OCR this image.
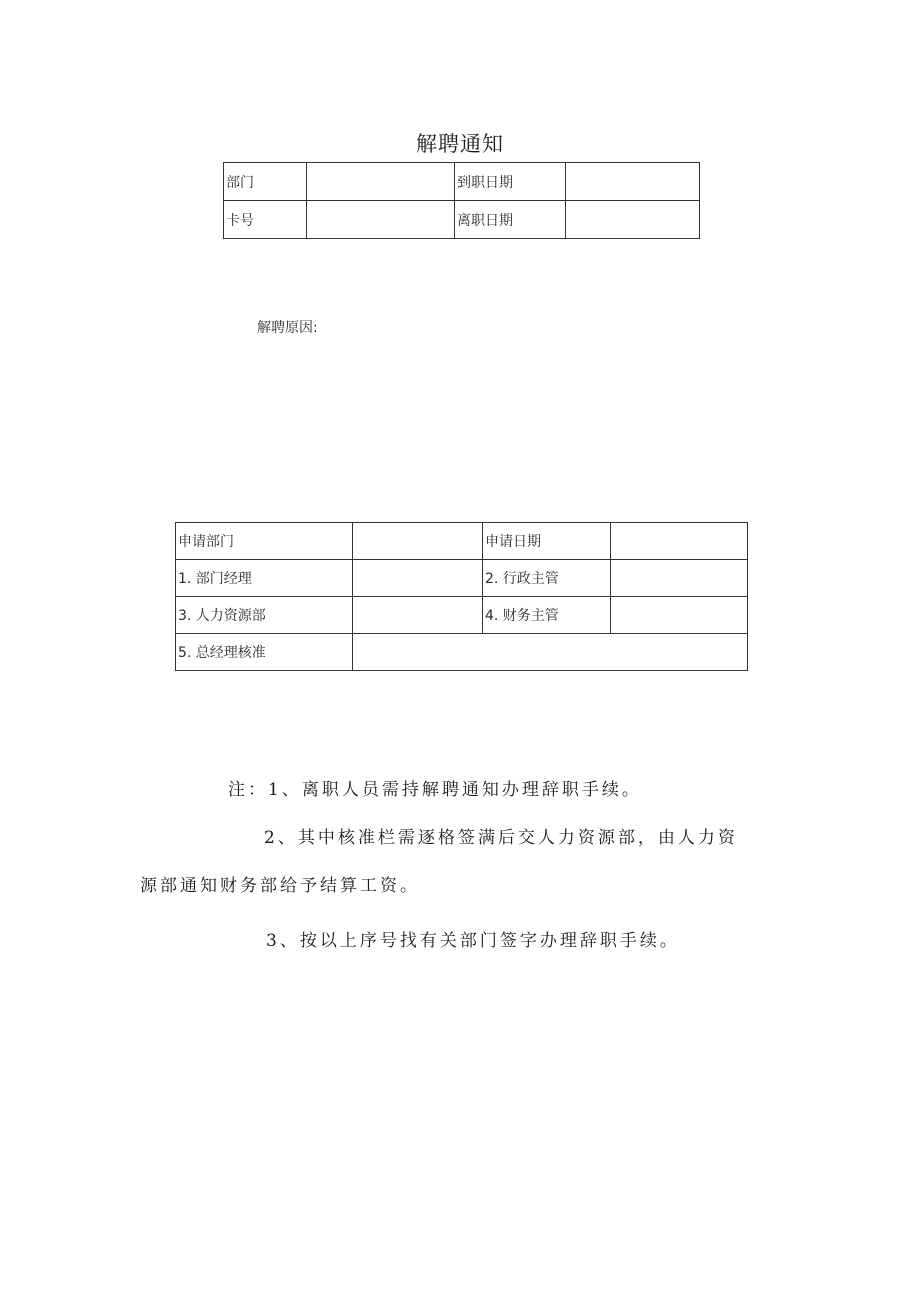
解聘通知
部门		到职日期	
卡号		离职日期	
解聘原因:
申请部门		申请日期	
1. 部门经理		2. 行政主管	
3. 人力资源部		4. 财务主管	
5. 总经理核准			
注：1、离职人员需持解聘通知办理辞职手续。
2、其中核准栏需逐格签满后交人力资源部，由人力资
源部通知财务部给予结算工资。
3、按以上序号找有关部门签字办理辞职手续。
